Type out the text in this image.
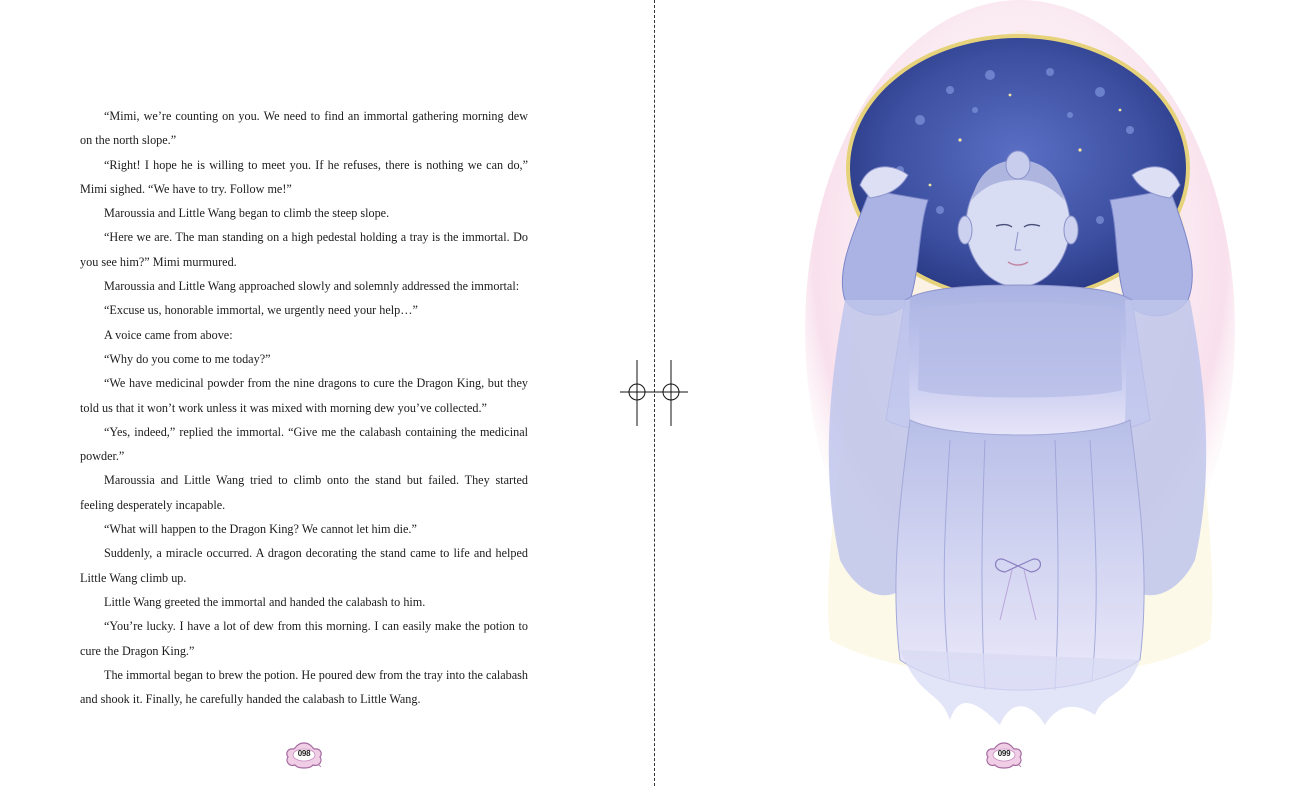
“Mimi, we’re counting on you. We need to find an immortal gathering morning dew on the north slope.”

“Right! I hope he is willing to meet you. If he refuses, there is nothing we can do,” Mimi sighed. “We have to try. Follow me!”

Maroussia and Little Wang began to climb the steep slope.

“Here we are. The man standing on a high pedestal holding a tray is the immortal. Do you see him?” Mimi murmured.

Maroussia and Little Wang approached slowly and solemnly addressed the immortal:

“Excuse us, honorable immortal, we urgently need your help…”

A voice came from above:

“Why do you come to me today?”

“We have medicinal powder from the nine dragons to cure the Dragon King, but they told us that it won’t work unless it was mixed with morning dew you’ve collected.”

“Yes, indeed,” replied the immortal. “Give me the calabash containing the medicinal powder.”

Maroussia and Little Wang tried to climb onto the stand but failed. They started feeling desperately incapable.

“What will happen to the Dragon King? We cannot let him die.”

Suddenly, a miracle occurred. A dragon decorating the stand came to life and helped Little Wang climb up.

Little Wang greeted the immortal and handed the calabash to him.

“You’re lucky. I have a lot of dew from this morning. I can easily make the potion to cure the Dragon King.”

The immortal began to brew the potion. He poured dew from the tray into the calabash and shook it. Finally, he carefully handed the calabash to Little Wang.

098	099
